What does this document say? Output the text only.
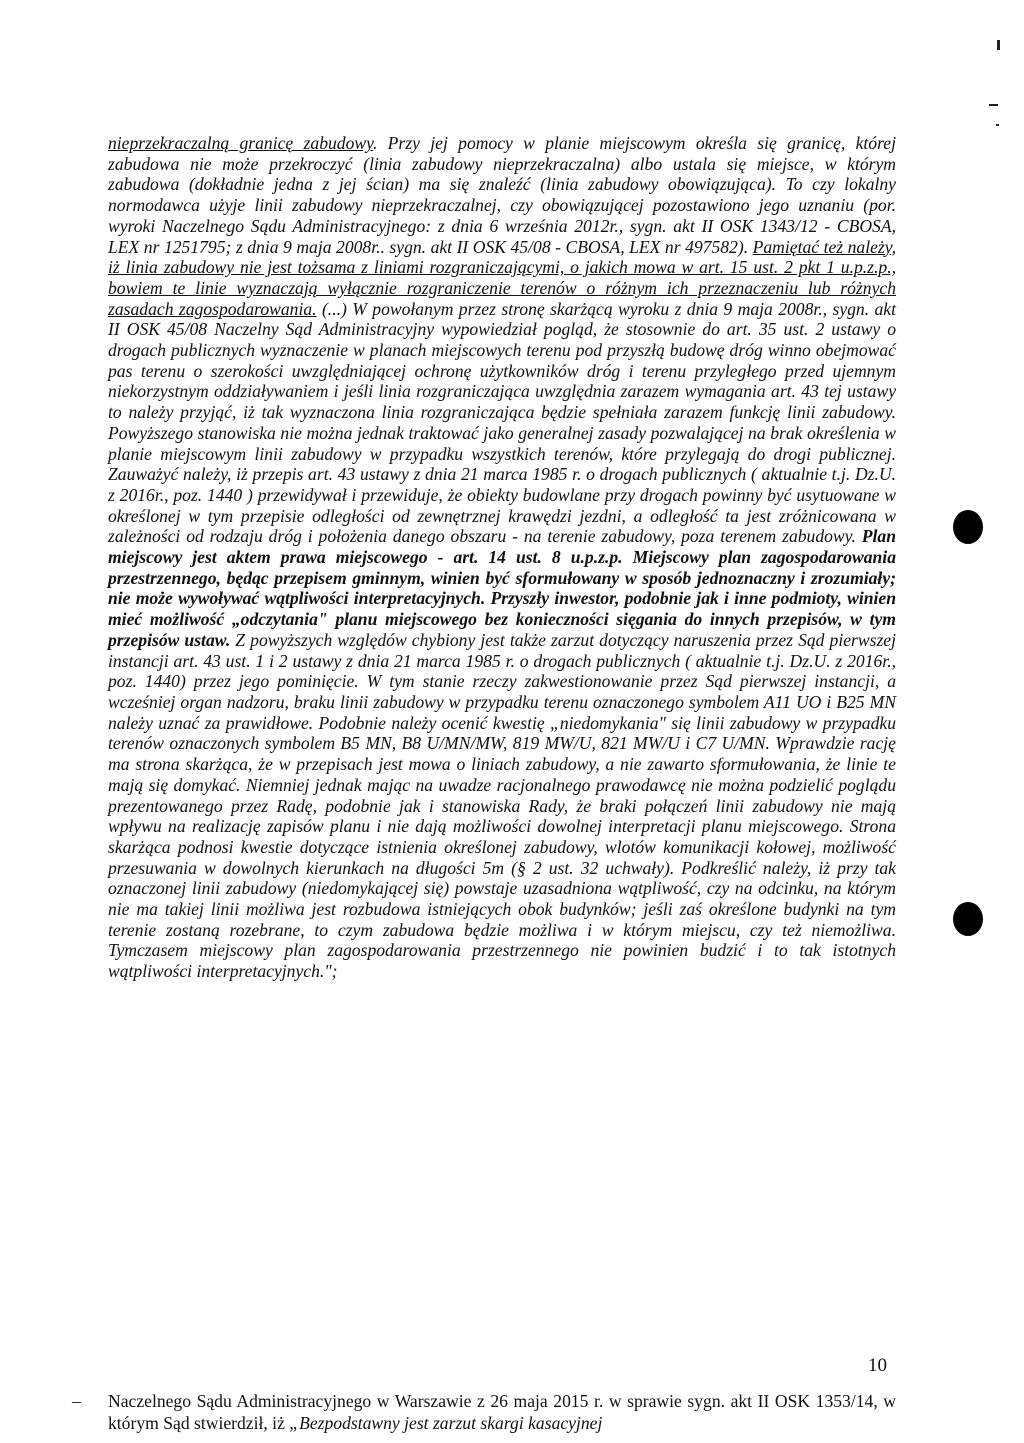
nieprzekraczalną granicę zabudowy. Przy jej pomocy w planie miejscowym określa się granicę, której zabudowa nie może przekroczyć (linia zabudowy nieprzekraczalna) albo ustala się miejsce, w którym zabudowa (dokładnie jedna z jej ścian) ma się znaleźć (linia zabudowy obowiązująca). To czy lokalny normodawca użyje linii zabudowy nieprzekraczalnej, czy obowiązującej pozostawiono jego uznaniu (por. wyroki Naczelnego Sądu Administracyjnego: z dnia 6 września 2012r., sygn. akt II OSK 1343/12 - CBOSA, LEX nr 1251795; z dnia 9 maja 2008r.. sygn. akt II OSK 45/08 - CBOSA, LEX nr 497582). Pamiętać też należy, iż linia zabudowy nie jest tożsama z liniami rozgraniczającymi, o jakich mowa w art. 15 ust. 2 pkt 1 u.p.z.p., bowiem te linie wyznaczają wyłącznie rozgraniczenie terenów o różnym ich przeznaczeniu lub różnych zasadach zagospodarowania. (...) W powołanym przez stronę skarżącą wyroku z dnia 9 maja 2008r., sygn. akt II OSK 45/08 Naczelny Sąd Administracyjny wypowiedział pogląd, że stosownie do art. 35 ust. 2 ustawy o drogach publicznych wyznaczenie w planach miejscowych terenu pod przyszłą budowę dróg winno obejmować pas terenu o szerokości uwzględniającej ochronę użytkowników dróg i terenu przyległego przed ujemnym niekorzystnym oddziaływaniem i jeśli linia rozgraniczająca uwzględnia zarazem wymagania art. 43 tej ustawy to należy przyjąć, iż tak wyznaczona linia rozgraniczająca będzie spełniała zarazem funkcję linii zabudowy. Powyższego stanowiska nie można jednak traktować jako generalnej zasady pozwalającej na brak określenia w planie miejscowym linii zabudowy w przypadku wszystkich terenów, które przylegają do drogi publicznej. Zauważyć należy, iż przepis art. 43 ustawy z dnia 21 marca 1985 r. o drogach publicznych ( aktualnie t.j. Dz.U. z 2016r., poz. 1440 ) przewidywał i przewiduje, że obiekty budowlane przy drogach powinny być usytuowane w określonej w tym przepisie odległości od zewnętrznej krawędzi jezdni, a odległość ta jest zróżnicowana w zależności od rodzaju dróg i położenia danego obszaru - na terenie zabudowy, poza terenem zabudowy. Plan miejscowy jest aktem prawa miejscowego - art. 14 ust. 8 u.p.z.p. Miejscowy plan zagospodarowania przestrzennego, będąc przepisem gminnym, winien być sformułowany w sposób jednoznaczny i zrozumiały; nie może wywoływać wątpliwości interpretacyjnych. Przyszły inwestor, podobnie jak i inne podmioty, winien mieć możliwość „odczytania" planu miejscowego bez konieczności sięgania do innych przepisów, w tym przepisów ustaw. Z powyższych względów chybiony jest także zarzut dotyczący naruszenia przez Sąd pierwszej instancji art. 43 ust. 1 i 2 ustawy z dnia 21 marca 1985 r. o drogach publicznych ( aktualnie t.j. Dz.U. z 2016r., poz. 1440) przez jego pominięcie. W tym stanie rzeczy zakwestionowanie przez Sąd pierwszej instancji, a wcześniej organ nadzoru, braku linii zabudowy w przypadku terenu oznaczonego symbolem A11 UO i B25 MN należy uznać za prawidłowe. Podobnie należy ocenić kwestię „niedomykania" się linii zabudowy w przypadku terenów oznaczonych symbolem B5 MN, B8 U/MN/MW, 819 MW/U, 821 MW/U i C7 U/MN. Wprawdzie rację ma strona skarżąca, że w przepisach jest mowa o liniach zabudowy, a nie zawarto sformułowania, że linie te mają się domykać. Niemniej jednak mając na uwadze racjonalnego prawodawcę nie można podzielić poglądu prezentowanego przez Radę, podobnie jak i stanowiska Rady, że braki połączeń linii zabudowy nie mają wpływu na realizację zapisów planu i nie dają możliwości dowolnej interpretacji planu miejscowego. Strona skarżąca podnosi kwestie dotyczące istnienia określonej zabudowy, wlotów komunikacji kołowej, możliwość przesuwania w dowolnych kierunkach na długości 5m (§ 2 ust. 32 uchwały). Podkreślić należy, iż przy tak oznaczonej linii zabudowy (niedomykającej się) powstaje uzasadniona wątpliwość, czy na odcinku, na którym nie ma takiej linii możliwa jest rozbudowa istniejących obok budynków; jeśli zaś określone budynki na tym terenie zostaną rozebrane, to czym zabudowa będzie możliwa i w którym miejscu, czy też niemożliwa. Tymczasem miejscowy plan zagospodarowania przestrzennego nie powinien budzić i to tak istotnych wątpliwości interpretacyjnych.";

– Naczelnego Sądu Administracyjnego w Warszawie z 26 maja 2015 r. w sprawie sygn. akt II OSK 1353/14, w którym Sąd stwierdził, iż „Bezpodstawny jest zarzut skargi kasacyjnej
10
